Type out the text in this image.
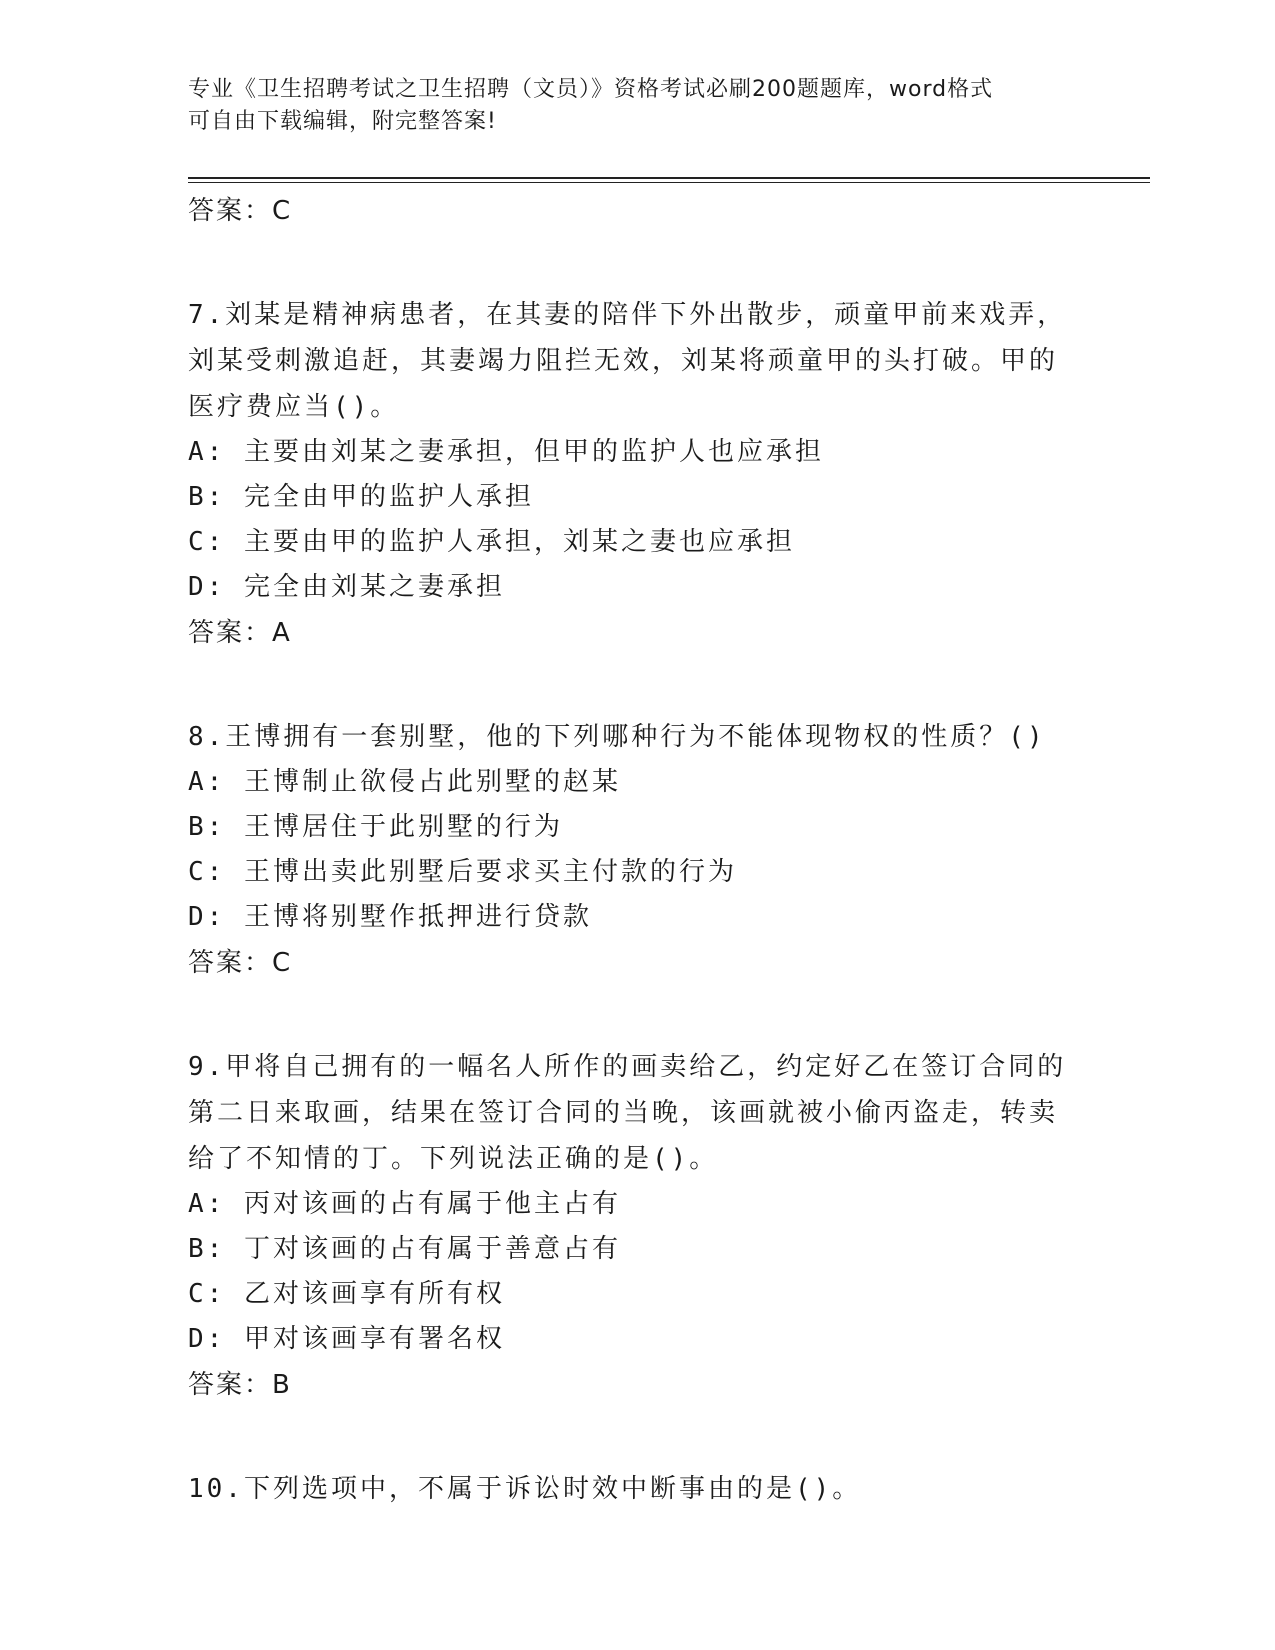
专业《卫生招聘考试之卫生招聘（文员）》资格考试必刷200题题库，word格式
可自由下载编辑，附完整答案!
答案：C
7.刘某是精神病患者，在其妻的陪伴下外出散步，顽童甲前来戏弄，
刘某受刺激追赶，其妻竭力阻拦无效，刘某将顽童甲的头打破。甲的
医疗费应当()。
A: 主要由刘某之妻承担，但甲的监护人也应承担
B: 完全由甲的监护人承担
C: 主要由甲的监护人承担，刘某之妻也应承担
D: 完全由刘某之妻承担
答案：A
8.王博拥有一套别墅，他的下列哪种行为不能体现物权的性质？()
A: 王博制止欲侵占此别墅的赵某
B: 王博居住于此别墅的行为
C: 王博出卖此别墅后要求买主付款的行为
D: 王博将别墅作抵押进行贷款
答案：C
9.甲将自己拥有的一幅名人所作的画卖给乙，约定好乙在签订合同的
第二日来取画，结果在签订合同的当晚，该画就被小偷丙盗走，转卖
给了不知情的丁。下列说法正确的是()。
A: 丙对该画的占有属于他主占有
B: 丁对该画的占有属于善意占有
C: 乙对该画享有所有权
D: 甲对该画享有署名权
答案：B
10.下列选项中，不属于诉讼时效中断事由的是()。
